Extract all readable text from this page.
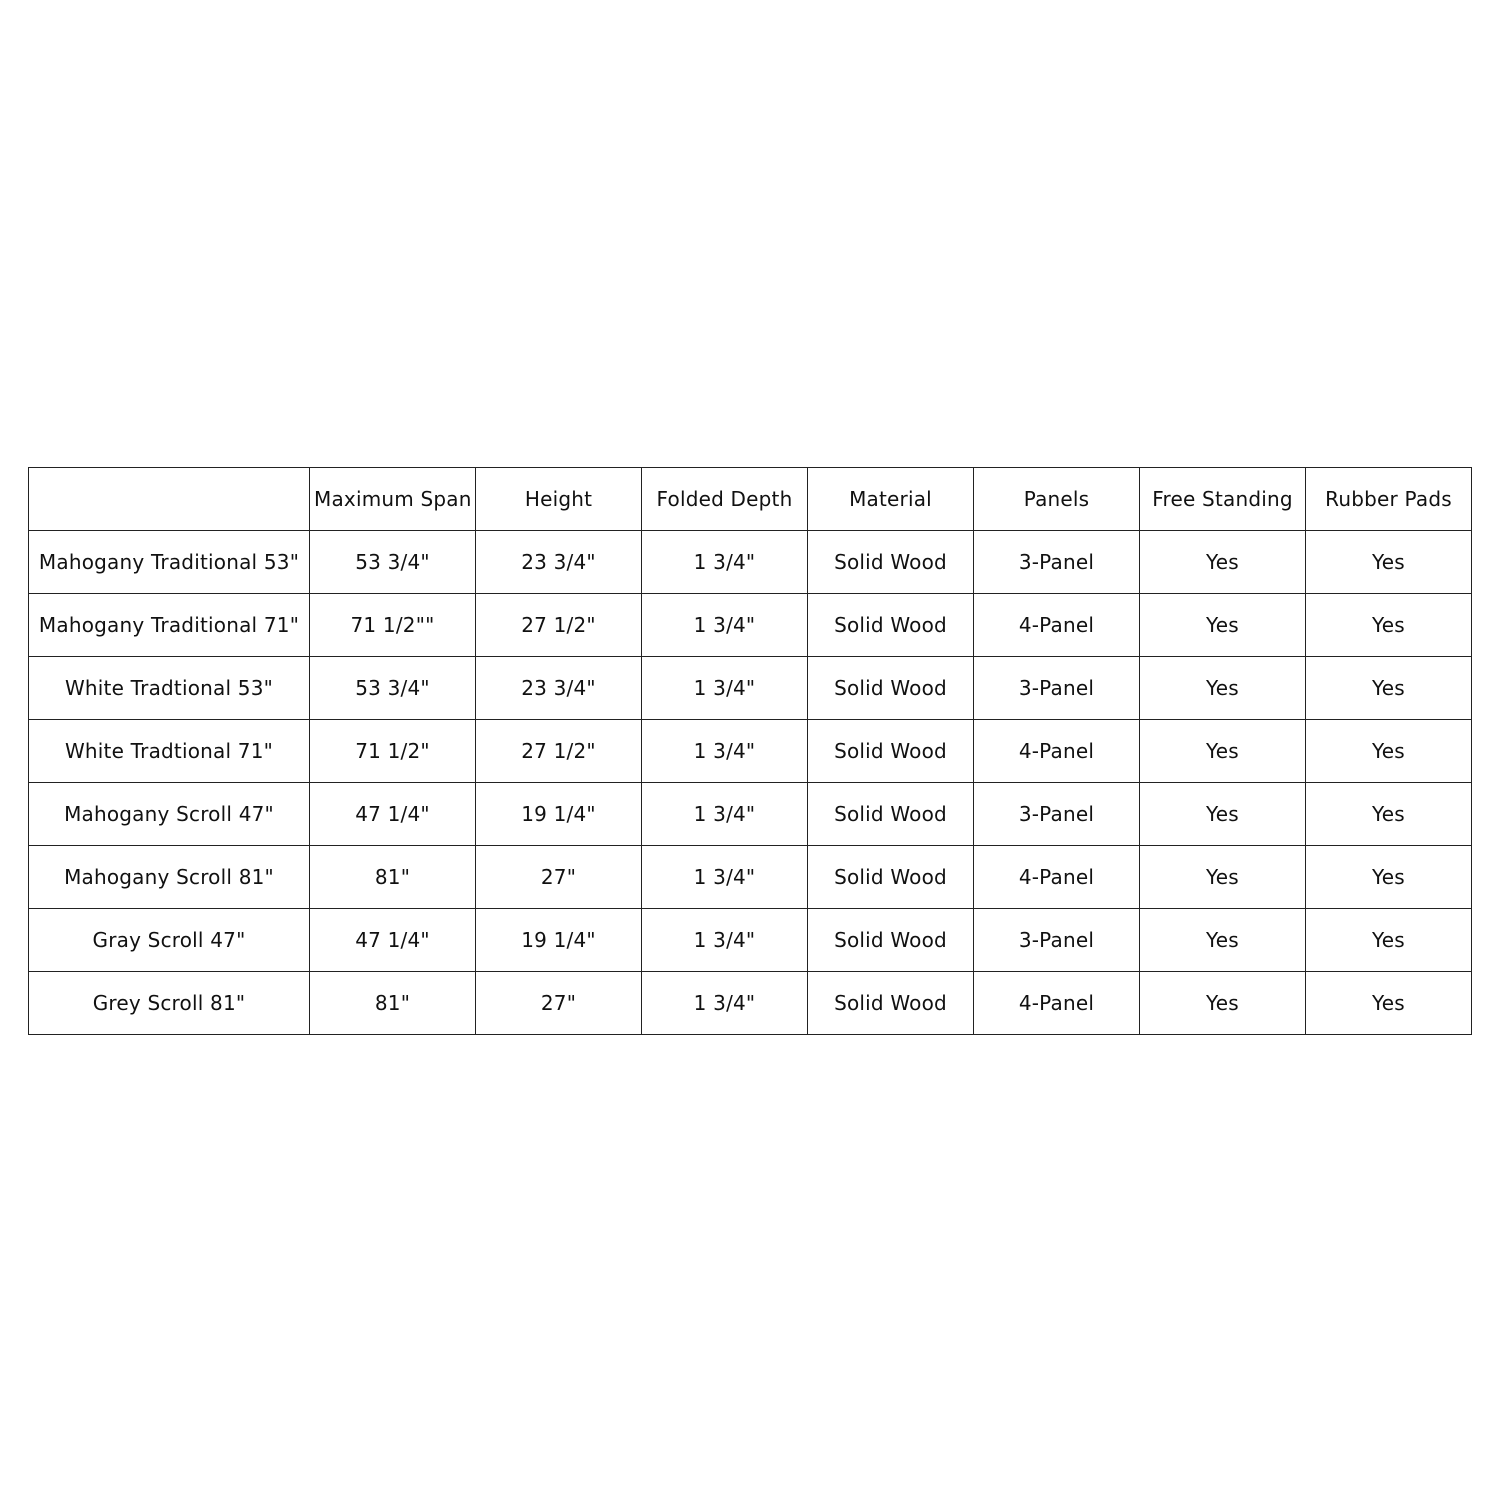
	Maximum Span	Height	Folded Depth	Material	Panels	Free Standing	Rubber Pads
Mahogany Traditional 53"	53 3/4"	23 3/4"	1 3/4"	Solid Wood	3-Panel	Yes	Yes
Mahogany Traditional 71"	71 1/2""	27 1/2"	1 3/4"	Solid Wood	4-Panel	Yes	Yes
White Tradtional 53"	53 3/4"	23 3/4"	1 3/4"	Solid Wood	3-Panel	Yes	Yes
White Tradtional 71"	71 1/2"	27 1/2"	1 3/4"	Solid Wood	4-Panel	Yes	Yes
Mahogany Scroll 47"	47 1/4"	19 1/4"	1 3/4"	Solid Wood	3-Panel	Yes	Yes
Mahogany Scroll 81"	81"	27"	1 3/4"	Solid Wood	4-Panel	Yes	Yes
Gray Scroll 47"	47 1/4"	19 1/4"	1 3/4"	Solid Wood	3-Panel	Yes	Yes
Grey Scroll 81"	81"	27"	1 3/4"	Solid Wood	4-Panel	Yes	Yes
